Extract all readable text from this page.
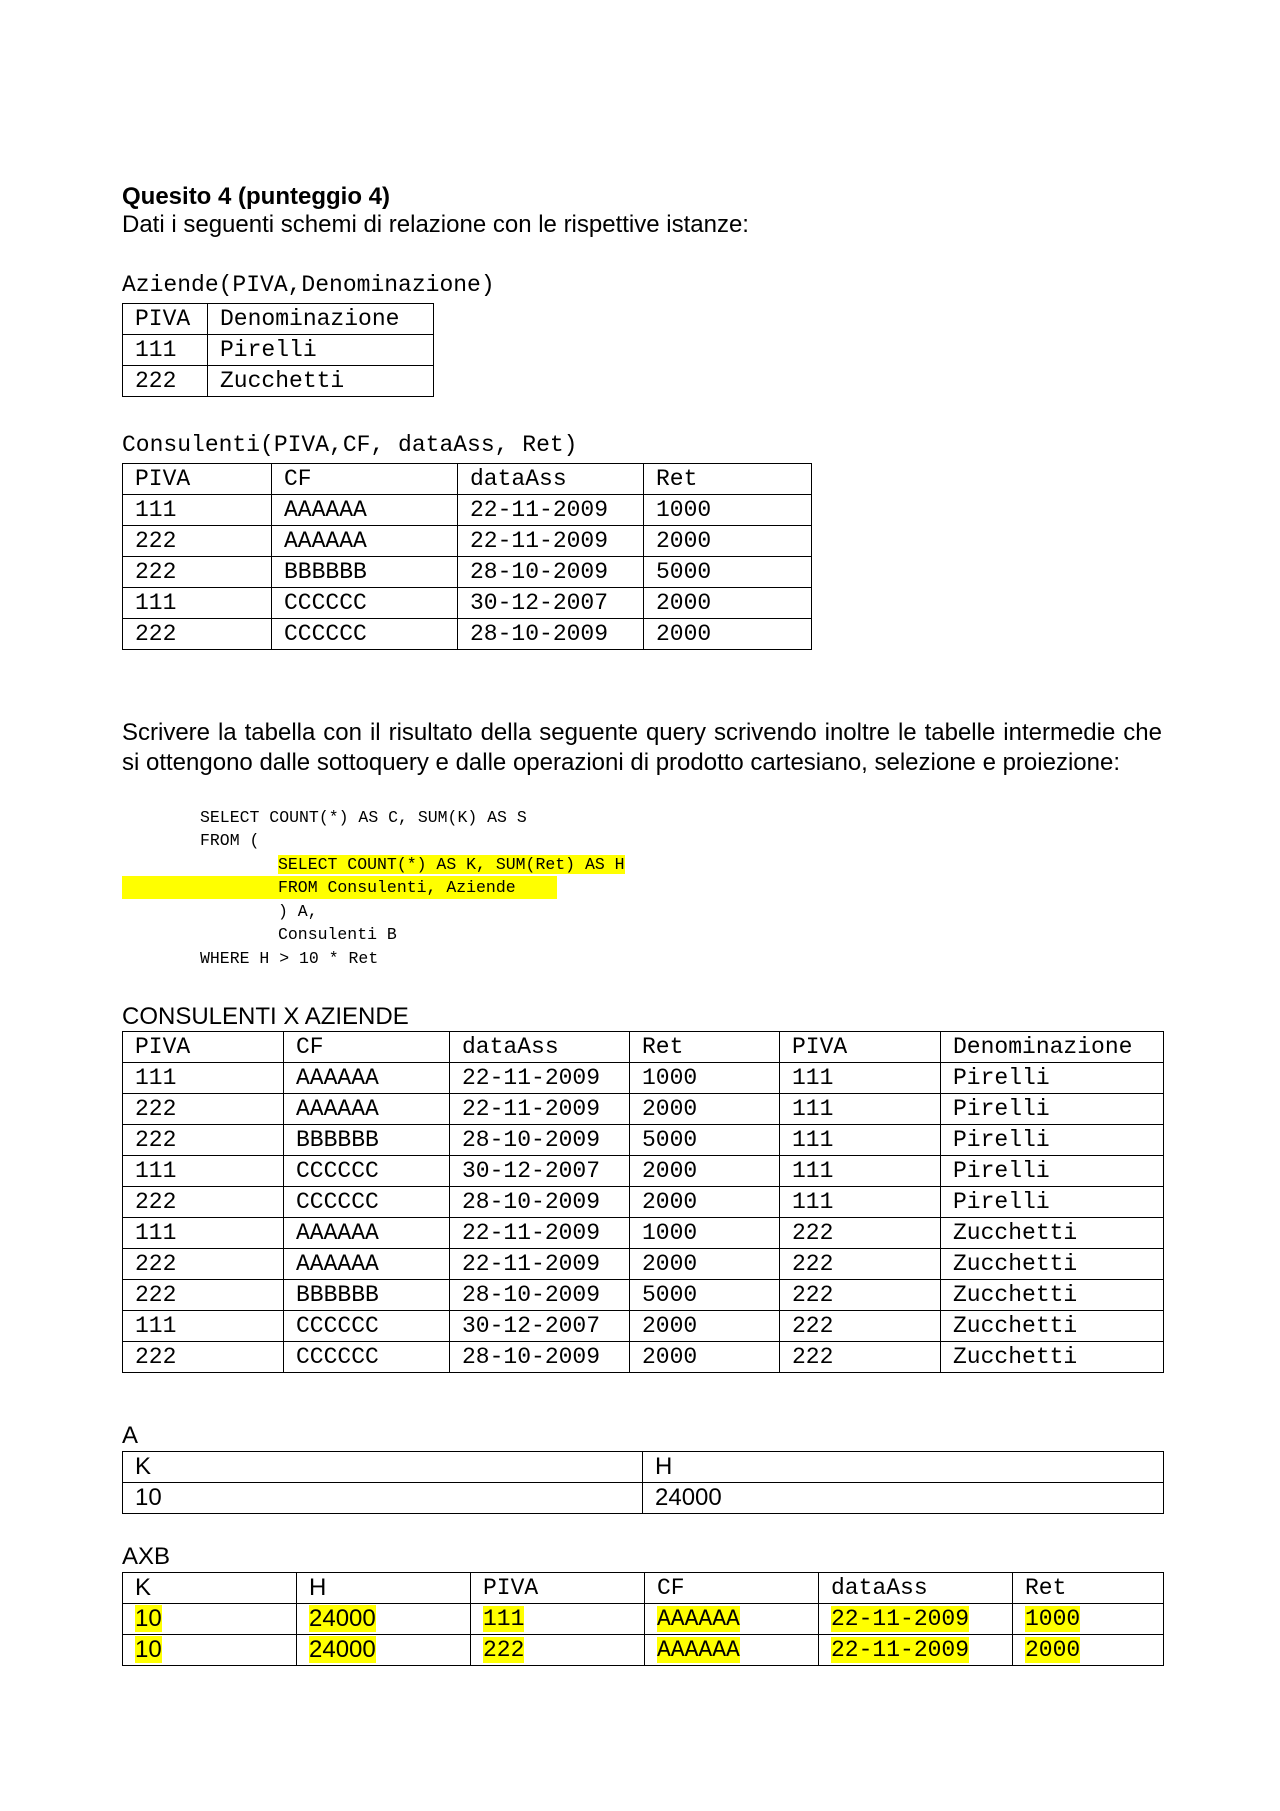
Quesito 4 (punteggio 4)
Dati i seguenti schemi di relazione con le rispettive istanze:
Aziende(PIVA,Denominazione)
PIVA	Denominazione
111	Pirelli
222	Zucchetti
Consulenti(PIVA,CF, dataAss, Ret)
PIVA	CF	dataAss	Ret
111	AAAAAA	22-11-2009	1000
222	AAAAAA	22-11-2009	2000
222	BBBBBB	28-10-2009	5000
111	CCCCCC	30-12-2007	2000
222	CCCCCC	28-10-2009	2000
Scrivere la tabella con il risultato della seguente query scrivendo inoltre le tabelle intermedie che si ottengono dalle sottoquery e dalle operazioni di prodotto cartesiano, selezione e proiezione:
SELECT COUNT(*) AS C, SUM(K) AS S
FROM (
SELECT COUNT(*) AS K, SUM(Ret) AS H
FROM Consulenti, Aziende
) A,
Consulenti B
WHERE H > 10 * Ret
CONSULENTI X AZIENDE
PIVA	CF	dataAss	Ret	PIVA	Denominazione
111	AAAAAA	22-11-2009	1000	111	Pirelli
222	AAAAAA	22-11-2009	2000	111	Pirelli
222	BBBBBB	28-10-2009	5000	111	Pirelli
111	CCCCCC	30-12-2007	2000	111	Pirelli
222	CCCCCC	28-10-2009	2000	111	Pirelli
111	AAAAAA	22-11-2009	1000	222	Zucchetti
222	AAAAAA	22-11-2009	2000	222	Zucchetti
222	BBBBBB	28-10-2009	5000	222	Zucchetti
111	CCCCCC	30-12-2007	2000	222	Zucchetti
222	CCCCCC	28-10-2009	2000	222	Zucchetti
A
K	H
10	24000
AXB
K	H	PIVA	CF	dataAss	Ret
10	24000	111	AAAAAA	22-11-2009	1000
10	24000	222	AAAAAA	22-11-2009	2000
